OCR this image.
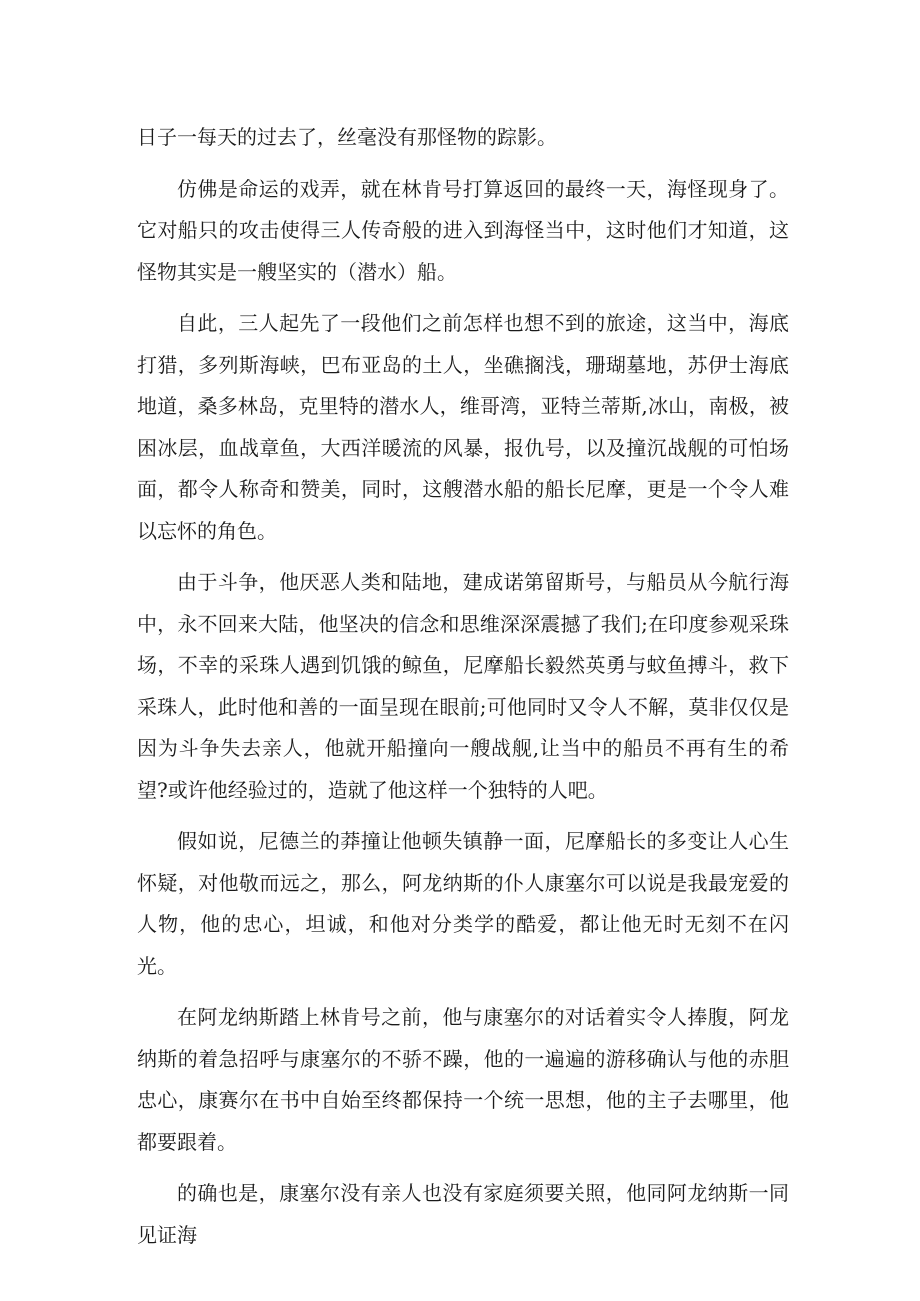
日子一每天的过去了，丝毫没有那怪物的踪影。

仿佛是命运的戏弄，就在林肯号打算返回的最终一天，海怪现身了。它对船只的攻击使得三人传奇般的进入到海怪当中，这时他们才知道，这怪物其实是一艘坚实的（潜水）船。

自此，三人起先了一段他们之前怎样也想不到的旅途，这当中，海底打猎，多列斯海峡，巴布亚岛的土人，坐礁搁浅，珊瑚墓地，苏伊士海底地道，桑多林岛，克里特的潜水人，维哥湾，亚特兰蒂斯,冰山，南极，被困冰层，血战章鱼，大西洋暖流的风暴，报仇号，以及撞沉战舰的可怕场面，都令人称奇和赞美，同时，这艘潜水船的船长尼摩，更是一个令人难以忘怀的角色。

由于斗争，他厌恶人类和陆地，建成诺第留斯号，与船员从今航行海中，永不回来大陆，他坚决的信念和思维深深震撼了我们;在印度参观采珠场，不幸的采珠人遇到饥饿的鲸鱼，尼摩船长毅然英勇与蚊鱼搏斗，救下采珠人，此时他和善的一面呈现在眼前;可他同时又令人不解，莫非仅仅是因为斗争失去亲人，他就开船撞向一艘战舰,让当中的船员不再有生的希望?或许他经验过的，造就了他这样一个独特的人吧。

假如说，尼德兰的莽撞让他顿失镇静一面，尼摩船长的多变让人心生怀疑，对他敬而远之，那么，阿龙纳斯的仆人康塞尔可以说是我最宠爱的人物，他的忠心，坦诚，和他对分类学的酷爱，都让他无时无刻不在闪光。

在阿龙纳斯踏上林肯号之前，他与康塞尔的对话着实令人捧腹，阿龙纳斯的着急招呼与康塞尔的不骄不躁，他的一遍遍的游移确认与他的赤胆忠心，康赛尔在书中自始至终都保持一个统一思想，他的主子去哪里，他都要跟着。

的确也是，康塞尔没有亲人也没有家庭须要关照，他同阿龙纳斯一同见证海
